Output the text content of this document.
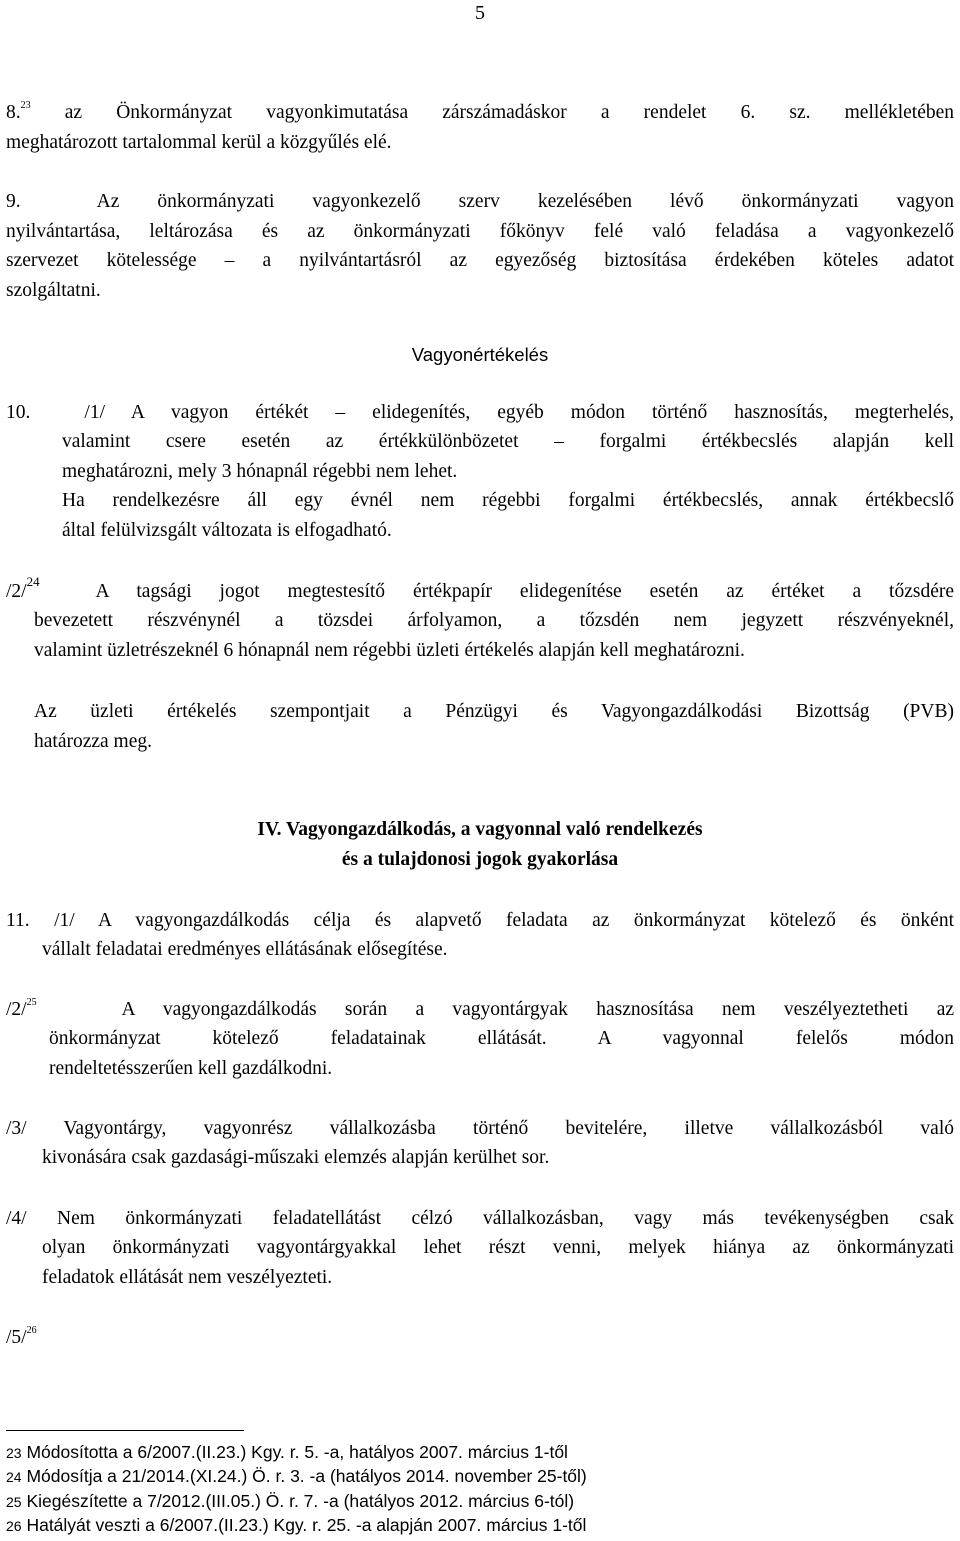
5
8.23 az Önkormányzat vagyonkimutatása zárszámadáskor a rendelet 6. sz. mellékletében
meghatározott tartalommal kerül a közgyűlés elé.
9.	Az önkormányzati vagyonkezelő szerv kezelésében lévő önkormányzati vagyon
nyilvántartása, leltározása és az önkormányzati főkönyv felé való feladása a vagyonkezelő
szervezet kötelessége – a nyilvántartásról az egyezőség biztosítása érdekében köteles adatot
szolgáltatni.
Vagyonértékelés
10.	/1/ A vagyon értékét – elidegenítés, egyéb módon történő hasznosítás, megterhelés,
valamint csere esetén az értékkülönbözetet – forgalmi értékbecslés alapján kell
meghatározni, mely 3 hónapnál régebbi nem lehet.
Ha rendelkezésre áll egy évnél nem régebbi forgalmi értékbecslés, annak értékbecslő
által felülvizsgált változata is elfogadható.
/2/$^{24}$	A tagsági jogot megtestesítő értékpapír elidegenítése esetén az értéket a tőzsdére
bevezetett részvénynél a tözsdei árfolyamon, a tőzsdén nem jegyzett részvényeknél,
valamint üzletrészeknél 6 hónapnál nem régebbi üzleti értékelés alapján kell meghatározni.
Az üzleti értékelés szempontjait a Pénzügyi és Vagyongazdálkodási Bizottság (PVB)
határozza meg.
IV. Vagyongazdálkodás, a vagyonnal való rendelkezés
és a tulajdonosi jogok gyakorlása
11. /1/ A vagyongazdálkodás célja és alapvető feladata az önkormányzat kötelező és önként
vállalt feladatai eredményes ellátásának elősegítése.
/2/$^{25}$	A vagyongazdálkodás során a vagyontárgyak hasznosítása nem veszélyeztetheti az
önkormányzat kötelező feladatainak ellátását. A vagyonnal felelős módon
rendeltetésszerűen kell gazdálkodni.
/3/ Vagyontárgy, vagyonrész vállalkozásba történő bevitelére, illetve vállalkozásból való
kivonására csak gazdasági-műszaki elemzés alapján kerülhet sor.
/4/ Nem önkormányzati feladatellátást célzó vállalkozásban, vagy más tevékenységben csak
olyan önkormányzati vagyontárgyakkal lehet részt venni, melyek hiánya az önkormányzati
feladatok ellátását nem veszélyezteti.
/5/$^{26}$
23 Módosította a 6/2007.(II.23.) Kgy. r. 5. -a, hatályos 2007. március 1-től
24 Módosítja a 21/2014.(XI.24.) Ö. r. 3. -a (hatályos 2014. november 25-től)
25 Kiegészítette a 7/2012.(III.05.) Ö. r. 7. -a (hatályos 2012. március 6-tól)
26 Hatályát veszti a 6/2007.(II.23.) Kgy. r. 25. -a alapján 2007. március 1-től
